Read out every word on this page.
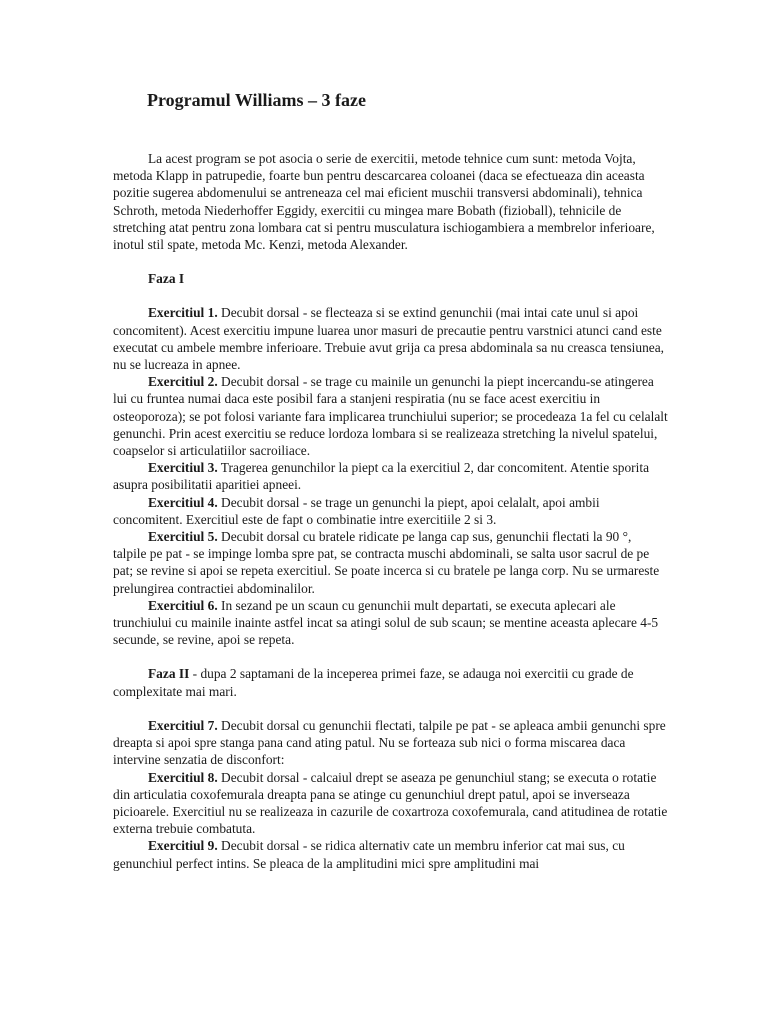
Programul Williams – 3 faze

La acest program se pot asocia o serie de exercitii, metode tehnice cum sunt: metoda Vojta, metoda Klapp in patrupedie, foarte bun pentru descarcarea coloanei (daca se efectueaza din aceasta pozitie sugerea abdomenului se antreneaza cel mai eficient muschii transversi abdominali), tehnica Schroth, metoda Niederhoffer Eggidy, exercitii cu mingea mare Bobath (fizioball), tehnicile de stretching atat pentru zona lombara cat si pentru musculatura ischiogambiera a membrelor inferioare, inotul stil spate, metoda Mc. Kenzi, metoda Alexander.

Faza I

Exercitiul 1. Decubit dorsal - se flecteaza si se extind genunchii (mai intai cate unul si apoi concomitent). Acest exercitiu impune luarea unor masuri de precautie pentru varstnici atunci cand este executat cu ambele membre inferioare. Trebuie avut grija ca presa abdominala sa nu creasca tensiunea, nu se lucreaza in apnee.

Exercitiul 2. Decubit dorsal - se trage cu mainile un genunchi la piept incercandu-se atingerea lui cu fruntea numai daca este posibil fara a stanjeni respiratia (nu se face acest exercitiu in osteoporoza); se pot folosi variante fara implicarea trunchiului superior; se procedeaza 1a fel cu celalalt genunchi. Prin acest exercitiu se reduce lordoza lombara si se realizeaza stretching la nivelul spatelui, coapselor si articulatiilor sacroiliace.

Exercitiul 3. Tragerea genunchilor la piept ca la exercitiul 2, dar concomitent. Atentie sporita asupra posibilitatii aparitiei apneei.

Exercitiul 4. Decubit dorsal - se trage un genunchi la piept, apoi celalalt, apoi ambii concomitent. Exercitiul este de fapt o combinatie intre exercitiile 2 si 3.

Exercitiul 5. Decubit dorsal cu bratele ridicate pe langa cap sus, genunchii flectati la 90 °, talpile pe pat - se impinge lomba spre pat, se contracta muschi abdominali, se salta usor sacrul de pe pat; se revine si apoi se repeta exercitiul. Se poate incerca si cu bratele pe langa corp. Nu se urmareste prelungirea contractiei abdominalilor.

Exercitiul 6. In sezand pe un scaun cu genunchii mult departati, se executa aplecari ale trunchiului cu mainile inainte astfel incat sa atingi solul de sub scaun; se mentine aceasta aplecare 4-5 secunde, se revine, apoi se repeta.

Faza II - dupa 2 saptamani de la inceperea primei faze, se adauga noi exercitii cu grade de complexitate mai mari.

Exercitiul 7. Decubit dorsal cu genunchii flectati, talpile pe pat - se apleaca ambii genunchi spre dreapta si apoi spre stanga pana cand ating patul. Nu se forteaza sub nici o forma miscarea daca intervine senzatia de disconfort:

Exercitiul 8. Decubit dorsal - calcaiul drept se aseaza pe genunchiul stang; se executa o rotatie din articulatia coxofemurala dreapta pana se atinge cu genunchiul drept patul, apoi se inverseaza picioarele. Exercitiul nu se realizeaza in cazurile de coxartroza coxofemurala, cand atitudinea de rotatie externa trebuie combatuta.

Exercitiul 9. Decubit dorsal - se ridica alternativ cate un membru inferior cat mai sus, cu genunchiul perfect intins. Se pleaca de la amplitudini mici spre amplitudini mai
